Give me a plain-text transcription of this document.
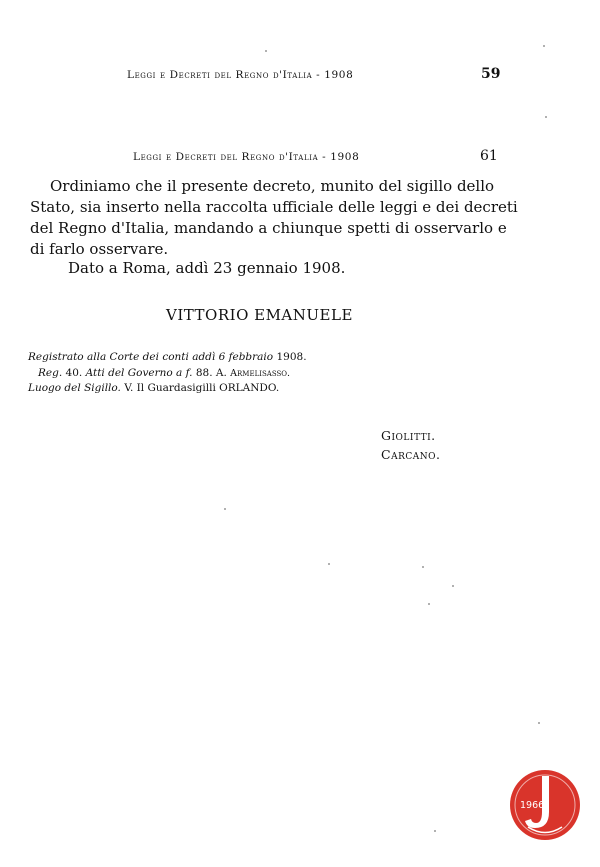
Leggi e Decreti del Regno d'Italia - 1908	59
Leggi e Decreti del Regno d'Italia - 1908	61
Ordiniamo che il presente decreto, munito del sigillo dello
Stato, sia inserto nella raccolta ufficiale delle leggi e dei decreti
del Regno d'Italia, mandando a chiunque spetti di osservarlo e
di farlo osservare.
Dato a Roma, addì 23 gennaio 1908.
VITTORIO EMANUELE
Registrato alla Corte dei conti addì 6 febbraio 1908.
Reg. 40. Atti del Governo a f. 88. A. Armelisasso.
Luogo del Sigillo. V. Il Guardasigilli ORLANDO.
Giolitti.
Carcano.
1966
